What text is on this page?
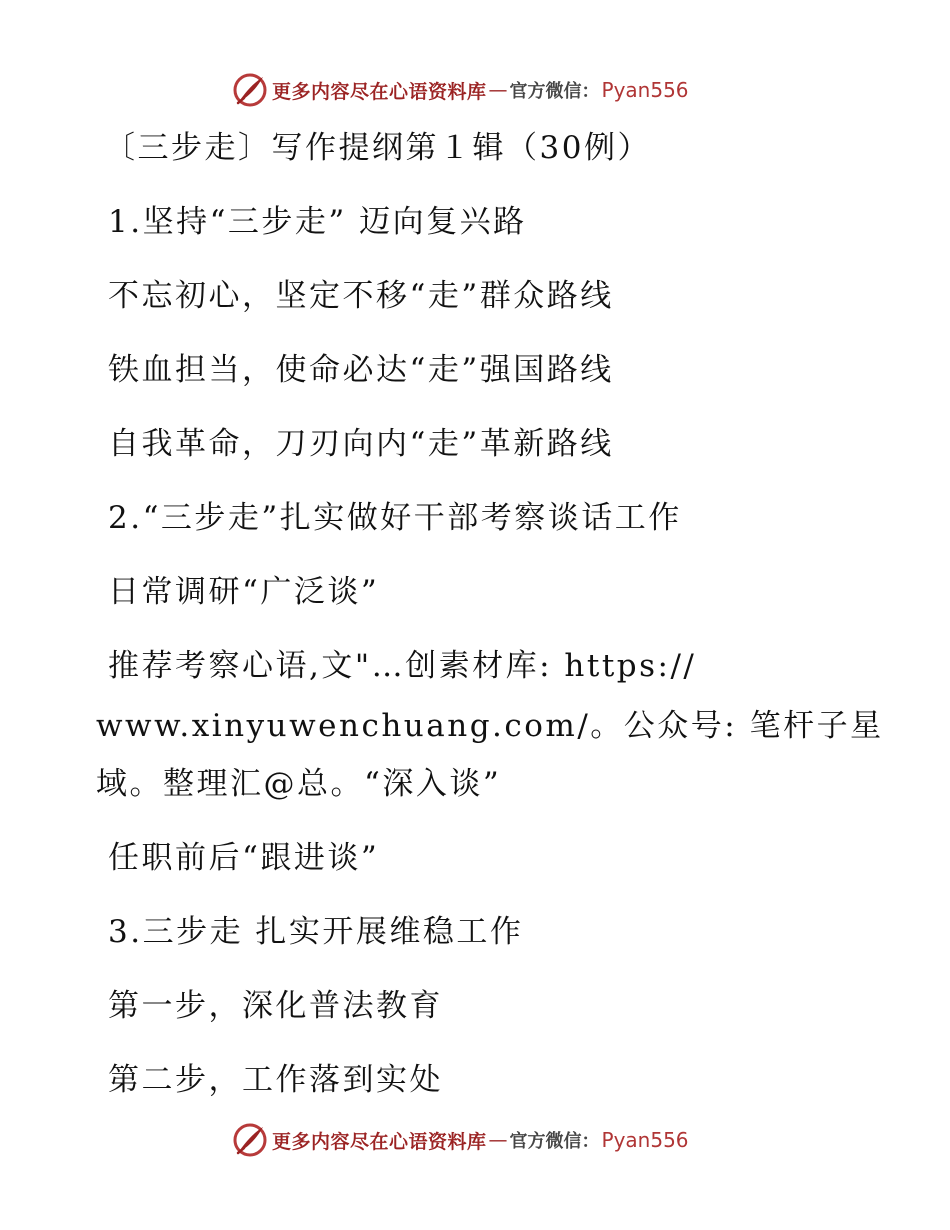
更多内容尽在心语资料库 — 官方微信： Pyan556
〔三步走〕写作提纲第１辑（30例）
1.坚持“三步走” 迈向复兴路
不忘初心，坚定不移“走”群众路线
铁血担当，使命必达“走”强国路线
自我革命，刀刃向内“走”革新路线
2.“三步走”扎实做好干部考察谈话工作
日常调研“广泛谈”
推荐考察心语,文"…创素材库: https://
www.xinyuwenchuang.com/。公众号: 笔杆子星
域。整理汇@总。“深入谈”
任职前后“跟进谈”
3.三步走 扎实开展维稳工作
第一步，深化普法教育
第二步，工作落到实处
更多内容尽在心语资料库 — 官方微信： Pyan556
